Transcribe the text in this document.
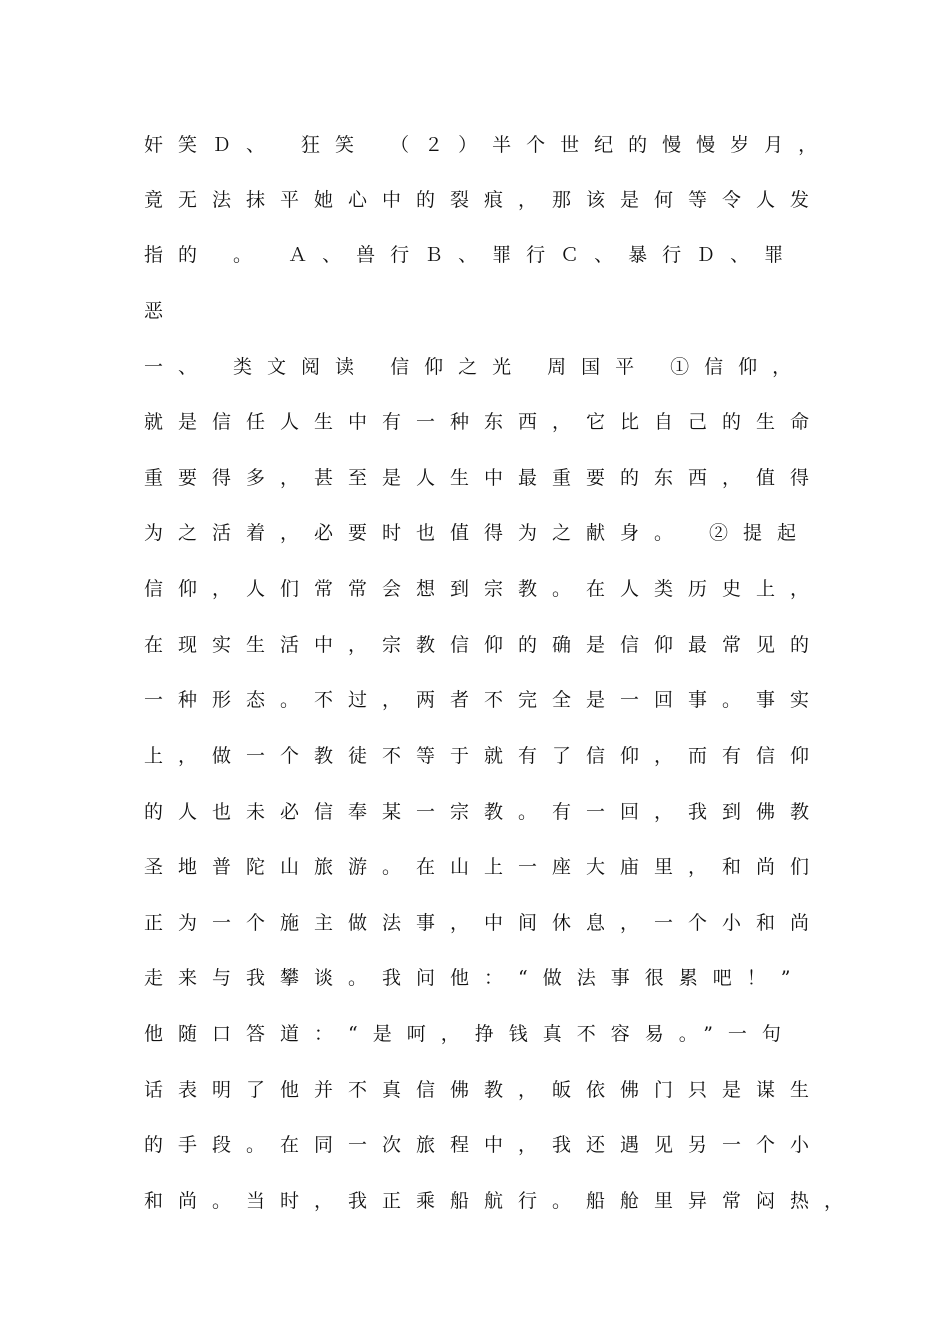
奸笑Ｄ、 狂笑 （２）半个世纪的慢慢岁月，
竟无法抹平她心中的裂痕，那该是何等令人发
指的 。 Ａ、兽行Ｂ、罪行Ｃ、暴行Ｄ、罪
恶
一、 类文阅读 信仰之光 周国平 ①信仰，
就是信任人生中有一种东西，它比自己的生命
重要得多，甚至是人生中最重要的东西，值得
为之活着，必要时也值得为之献身。 ②提起
信仰，人们常常会想到宗教。在人类历史上，
在现实生活中，宗教信仰的确是信仰最常见的
一种形态。不过，两者不完全是一回事。事实
上，做一个教徒不等于就有了信仰，而有信仰
的人也未必信奉某一宗教。有一回，我到佛教
圣地普陀山旅游。在山上一座大庙里，和尚们
正为一个施主做法事，中间休息，一个小和尚
走来与我攀谈。我问他：“做法事很累吧！”
他随口答道：“是呵，挣钱真不容易。”一句
话表明了他并不真信佛教，皈依佛门只是谋生
的手段。在同一次旅程中，我还遇见另一个小
和尚。当时，我正乘船航行。船舱里异常闷热，
